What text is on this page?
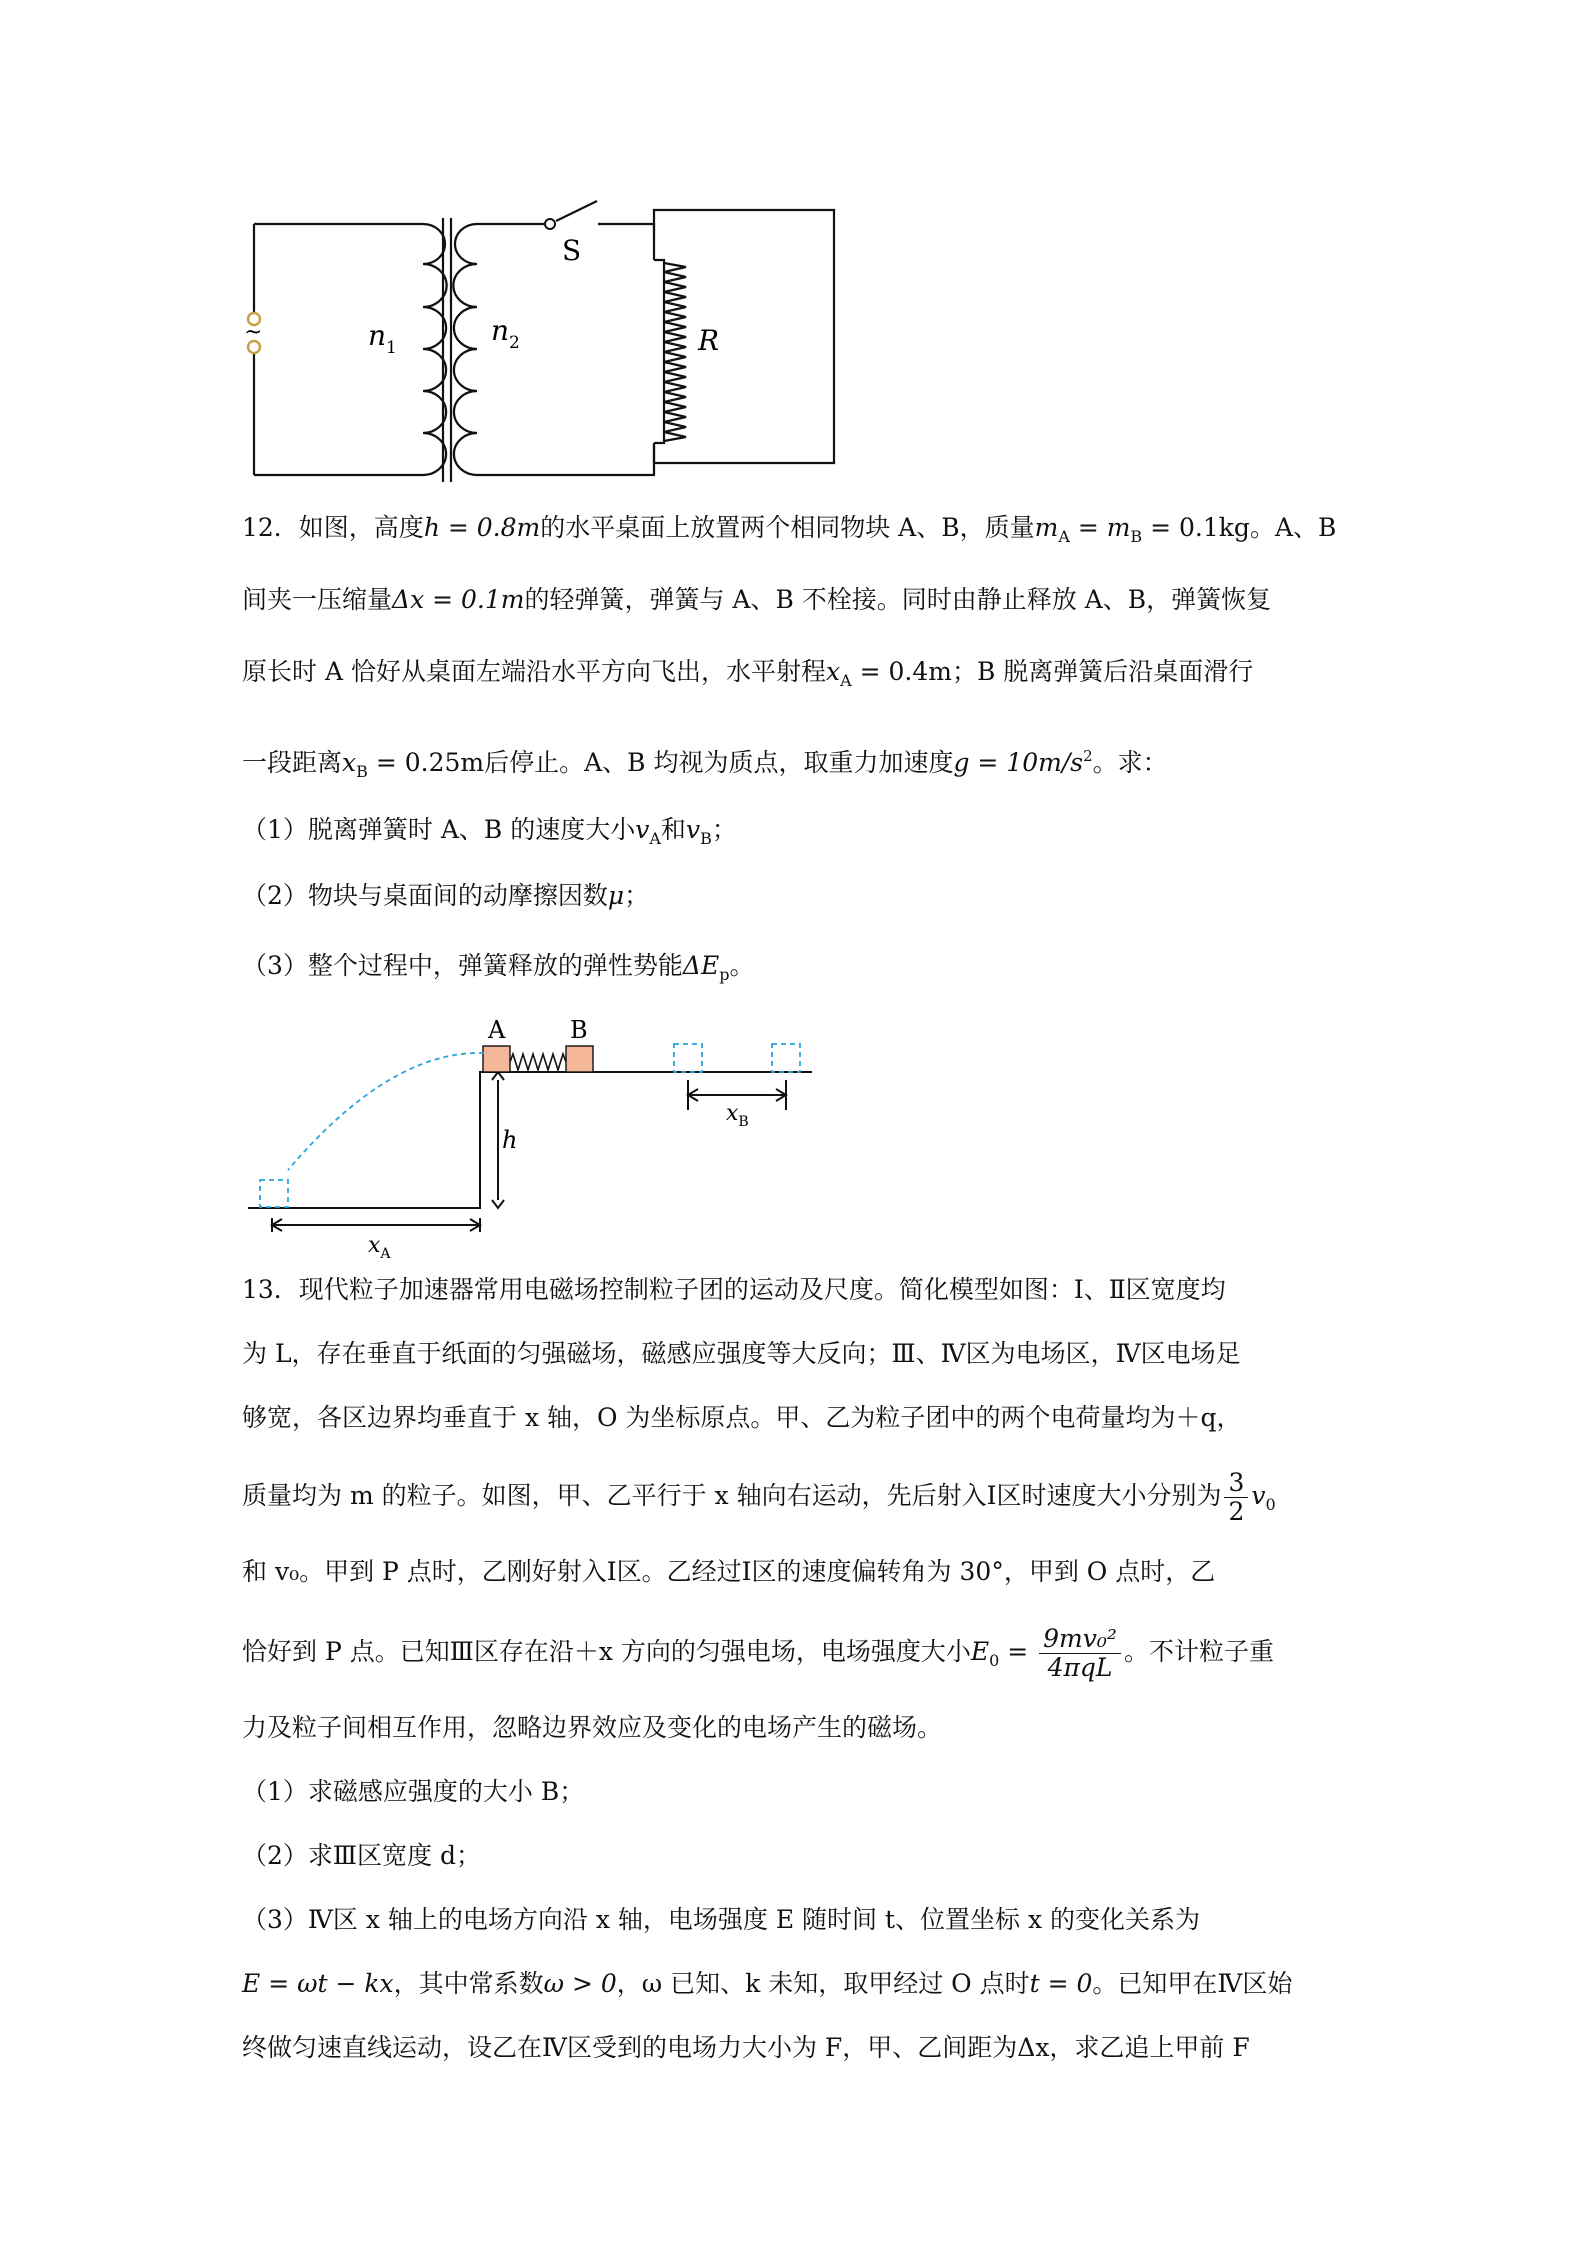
~	$n_1$
$n_2$
S
R
12．如图，高度h = 0.8m的水平桌面上放置两个相同物块 A、B，质量$m_A = m_B = 0.1kg$。A、B
间夹一压缩量Δx = 0.1m的轻弹簧，弹簧与 A、B 不栓接。同时由静止释放 A、B，弹簧恢复
原长时 A 恰好从桌面左端沿水平方向飞出，水平射程$x_A = 0.4m$；B 脱离弹簧后沿桌面滑行
一段距离$x_B = 0.25m$后停止。A、B 均视为质点，取重力加速度$g = 10m/s^2$。求：
（1）脱离弹簧时 A、B 的速度大小$v_A$和$v_B$；
（2）物块与桌面间的动摩擦因数μ；
（3）整个过程中，弹簧释放的弹性势能$\Delta E_p$。
A	B
h
$x_A$
$x_B$
13．现代粒子加速器常用电磁场控制粒子团的运动及尺度。简化模型如图：Ⅰ、Ⅱ区宽度均
为 L，存在垂直于纸面的匀强磁场，磁感应强度等大反向；Ⅲ、Ⅳ区为电场区，Ⅳ区电场足
够宽，各区边界均垂直于 x 轴，O 为坐标原点。甲、乙为粒子团中的两个电荷量均为＋q，
质量均为 m 的粒子。如图，甲、乙平行于 x 轴向右运动，先后射入Ⅰ区时速度大小分别为 $\frac{3}{2} v_0$
和 v₀。甲到 P 点时，乙刚好射入Ⅰ区。乙经过Ⅰ区的速度偏转角为 30°，甲到 O 点时，乙
恰好到 P 点。已知Ⅲ区存在沿＋x 方向的匀强电场，电场强度大小$E_0 = \frac{\text{9mv₀²}}{\text{4πqL}}$ 。不计粒子重
力及粒子间相互作用，忽略边界效应及变化的电场产生的磁场。
（1）求磁感应强度的大小 B；
（2）求Ⅲ区宽度 d；
（3）Ⅳ区 x 轴上的电场方向沿 x 轴，电场强度 E 随时间 t、位置坐标 x 的变化关系为
E = ωt − kx，其中常系数ω > 0，ω 已知、k 未知，取甲经过 O 点时t = 0。已知甲在Ⅳ区始
终做匀速直线运动，设乙在Ⅳ区受到的电场力大小为 F，甲、乙间距为Δx，求乙追上甲前 F
